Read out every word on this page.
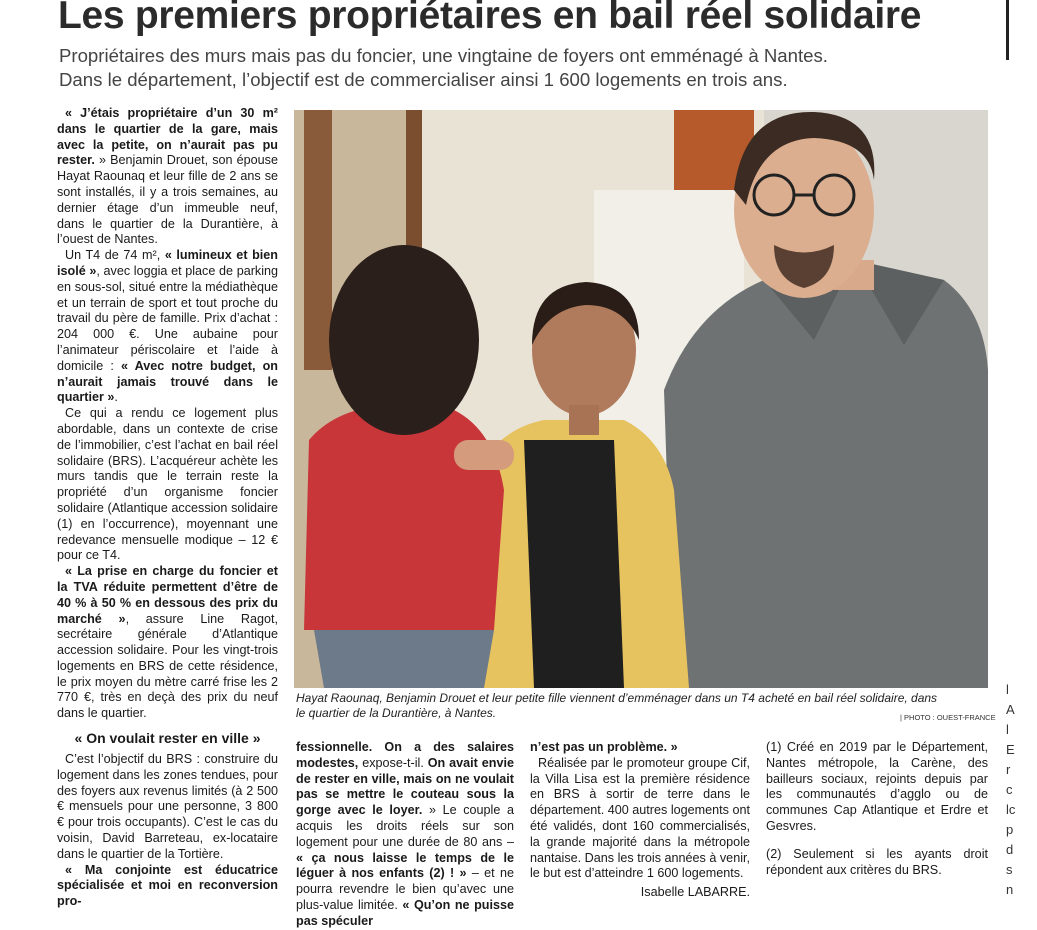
Les premiers propriétaires en bail réel solidaire
Propriétaires des murs mais pas du foncier, une vingtaine de foyers ont emménagé à Nantes.
Dans le département, l’objectif est de commercialiser ainsi 1 600 logements en trois ans.

« J’étais propriétaire d’un 30 m² dans le quartier de la gare, mais avec la petite, on n’aurait pas pu rester. » Benjamin Drouet, son épouse Hayat Raounaq et leur fille de 2 ans se sont installés, il y a trois semaines, au dernier étage d’un immeuble neuf, dans le quartier de la Durantière, à l’ouest de Nantes.

Un T4 de 74 m², « lumineux et bien isolé », avec loggia et place de parking en sous-sol, situé entre la médiathèque et un terrain de sport et tout proche du travail du père de famille. Prix d’achat : 204 000 €. Une aubaine pour l’animateur périscolaire et l’aide à domicile : « Avec notre budget, on n’aurait jamais trouvé dans le quartier ».

Ce qui a rendu ce logement plus abordable, dans un contexte de crise de l’immobilier, c’est l’achat en bail réel solidaire (BRS). L’acquéreur achète les murs tandis que le terrain reste la propriété d’un organisme foncier solidaire (Atlantique accession solidaire (1) en l’occurrence), moyennant une redevance mensuelle modique – 12 € pour ce T4.

« La prise en charge du foncier et la TVA réduite permettent d’être de 40 % à 50 % en dessous des prix du marché », assure Line Ragot, secrétaire générale d’Atlantique accession solidaire. Pour les vingt-trois logements en BRS de cette résidence, le prix moyen du mètre carré frise les 2 770 €, très en deçà des prix du neuf dans le quartier.

« On voulait rester en ville »

C’est l’objectif du BRS : construire du logement dans les zones tendues, pour des foyers aux revenus limités (à 2 500 € mensuels pour une personne, 3 800 € pour trois occupants). C’est le cas du voisin, David Barreteau, ex-locataire dans le quartier de la Tortière.

« Ma conjointe est éducatrice spécialisée et moi en reconversion pro-

Hayat Raounaq, Benjamin Drouet et leur petite fille viennent d’emménager dans un T4 acheté en bail réel solidaire, dans le quartier de la Durantière, à Nantes.	| PHOTO : OUEST-FRANCE

fessionnelle. On a des salaires modestes, expose-t-il. On avait envie de rester en ville, mais on ne voulait pas se mettre le couteau sous la gorge avec le loyer. » Le couple a acquis les droits réels sur son logement pour une durée de 80 ans – « ça nous laisse le temps de le léguer à nos enfants (2) ! » – et ne pourra revendre le bien qu’avec une plus-value limitée. « Qu’on ne puisse pas spéculer

n’est pas un problème. »

Réalisée par le promoteur groupe Cif, la Villa Lisa est la première résidence en BRS à sortir de terre dans le département. 400 autres logements ont été validés, dont 160 commercialisés, la grande majorité dans la métropole nantaise. Dans les trois années à venir, le but est d’atteindre 1 600 logements.

Isabelle LABARRE.

(1) Créé en 2019 par le Département, Nantes métropole, la Carène, des bailleurs sociaux, rejoints depuis par les communautés d’agglo ou de communes Cap Atlantique et Erdre et Gesvres.

(2) Seulement si les ayants droit répondent aux critères du BRS.

l
A
l
E
r
c
lc
p
d
s
n
